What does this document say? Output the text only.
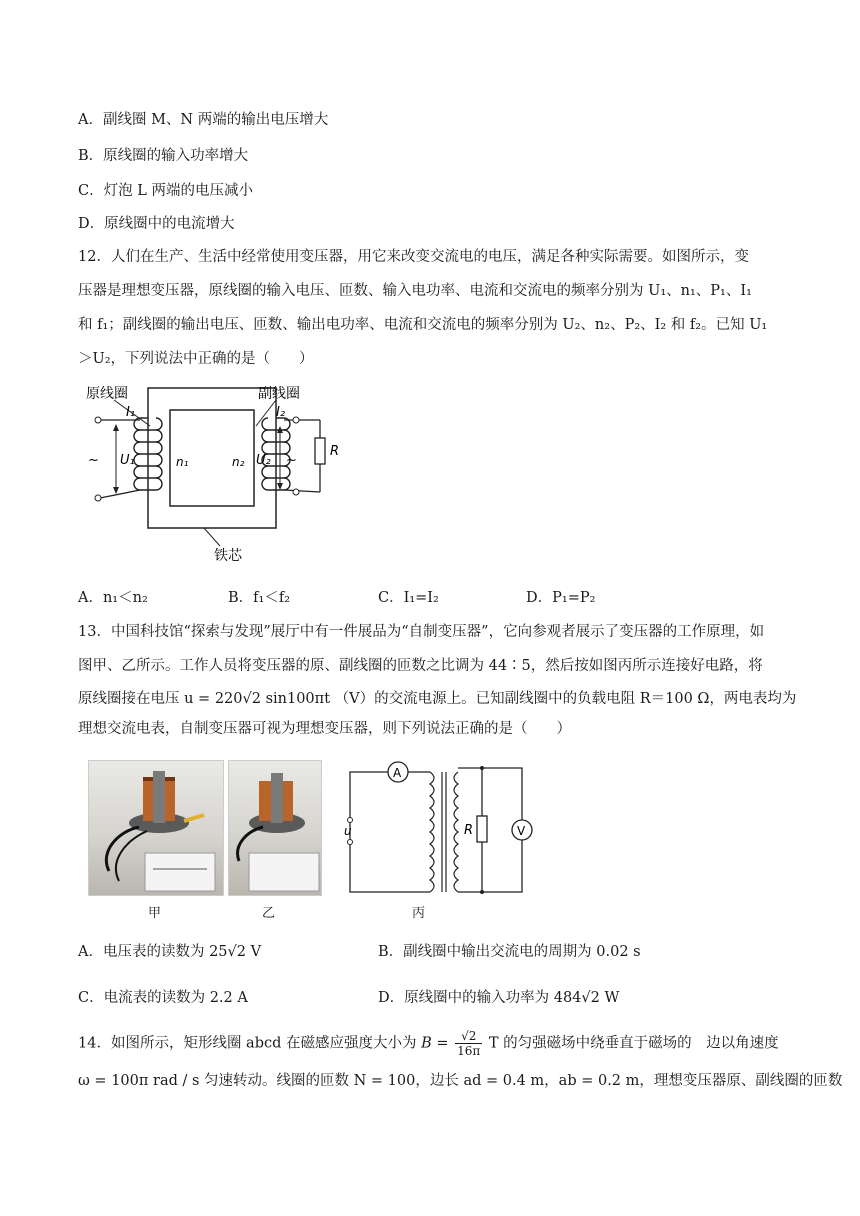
A．副线圈 M、N 两端的输出电压增大
B．原线圈的输入功率增大
C．灯泡 L 两端的电压减小
D．原线圈中的电流增大
12．人们在生产、生活中经常使用变压器，用它来改变交流电的电压，满足各种实际需要。如图所示，变
压器是理想变压器，原线圈的输入电压、匝数、输入电功率、电流和交流电的频率分别为 U₁、n₁、P₁、I₁
和 f₁；副线圈的输出电压、匝数、输出电功率、电流和交流电的频率分别为 U₂、n₂、P₂、I₂ 和 f₂。已知 U₁
＞U₂，下列说法中正确的是（　　）
原线圈	副线圈
I₁	I₂
~ U₁	n₁	n₂ U₂ ~
R
铁芯
A．n₁＜n₂	B．f₁＜f₂	C．I₁=I₂	D．P₁=P₂
13．中国科技馆“探索与发现”展厅中有一件展品为“自制变压器”，它向参观者展示了变压器的工作原理，如
图甲、乙所示。工作人员将变压器的原、副线圈的匝数之比调为 44∶5，然后按如图丙所示连接好电路，将
原线圈接在电压 u = 220√2 sin100πt （V）的交流电源上。已知副线圈中的负载电阻 R＝100 Ω，两电表均为
理想交流电表，自制变压器可视为理想变压器，则下列说法正确的是（　　）
甲	乙
A
u	R	V
丙
A．电压表的读数为 25√2 V	B．副线圈中输出交流电的周期为 0.02 s
C．电流表的读数为 2.2 A	D．原线圈中的输入功率为 484√2 W
14．如图所示，矩形线圈 abcd 在磁感应强度大小为 $B = \frac{√2}{16\pi}$ T 的匀强磁场中绕垂直于磁场的　边以角速度
ω = 100π rad / s 匀速转动。线圈的匝数 N = 100，边长 ad = 0.4 m，ab = 0.2 m，理想变压器原、副线圈的匝数
